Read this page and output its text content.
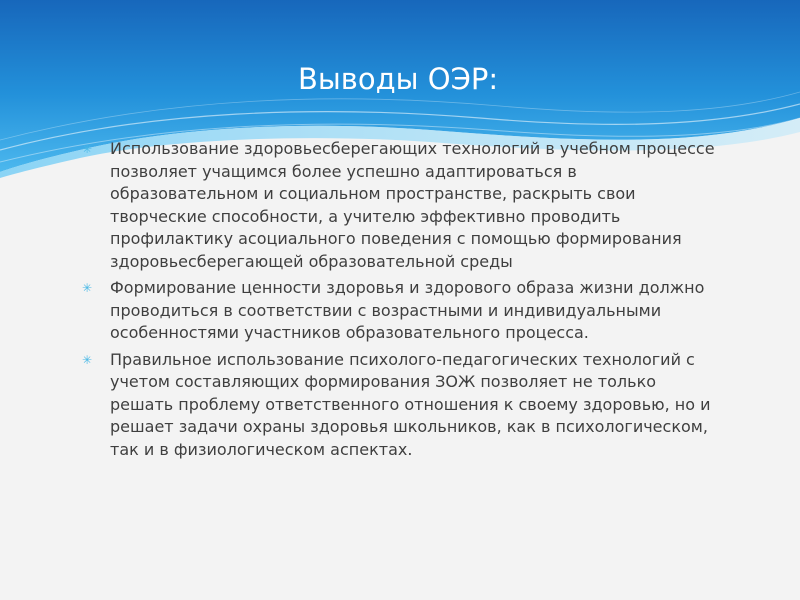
Выводы ОЭР:
✳	Использование здоровьесберегающих технологий в учебном процессе позволяет учащимся более успешно адаптироваться в образовательном и социальном пространстве, раскрыть свои творческие способности, а учителю эффективно проводить профилактику асоциального поведения с помощью формирования здоровьесберегающей образовательной среды
✳	Формирование ценности здоровья и здорового образа жизни должно проводиться в соответствии с возрастными и индивидуальными особенностями участников образовательного процесса.
✳	Правильное использование психолого-педагогических технологий с учетом составляющих формирования ЗОЖ позволяет не только решать проблему ответственного отношения к своему здоровью, но и решает задачи охраны здоровья школьников, как в психологическом, так и в физиологическом аспектах.
